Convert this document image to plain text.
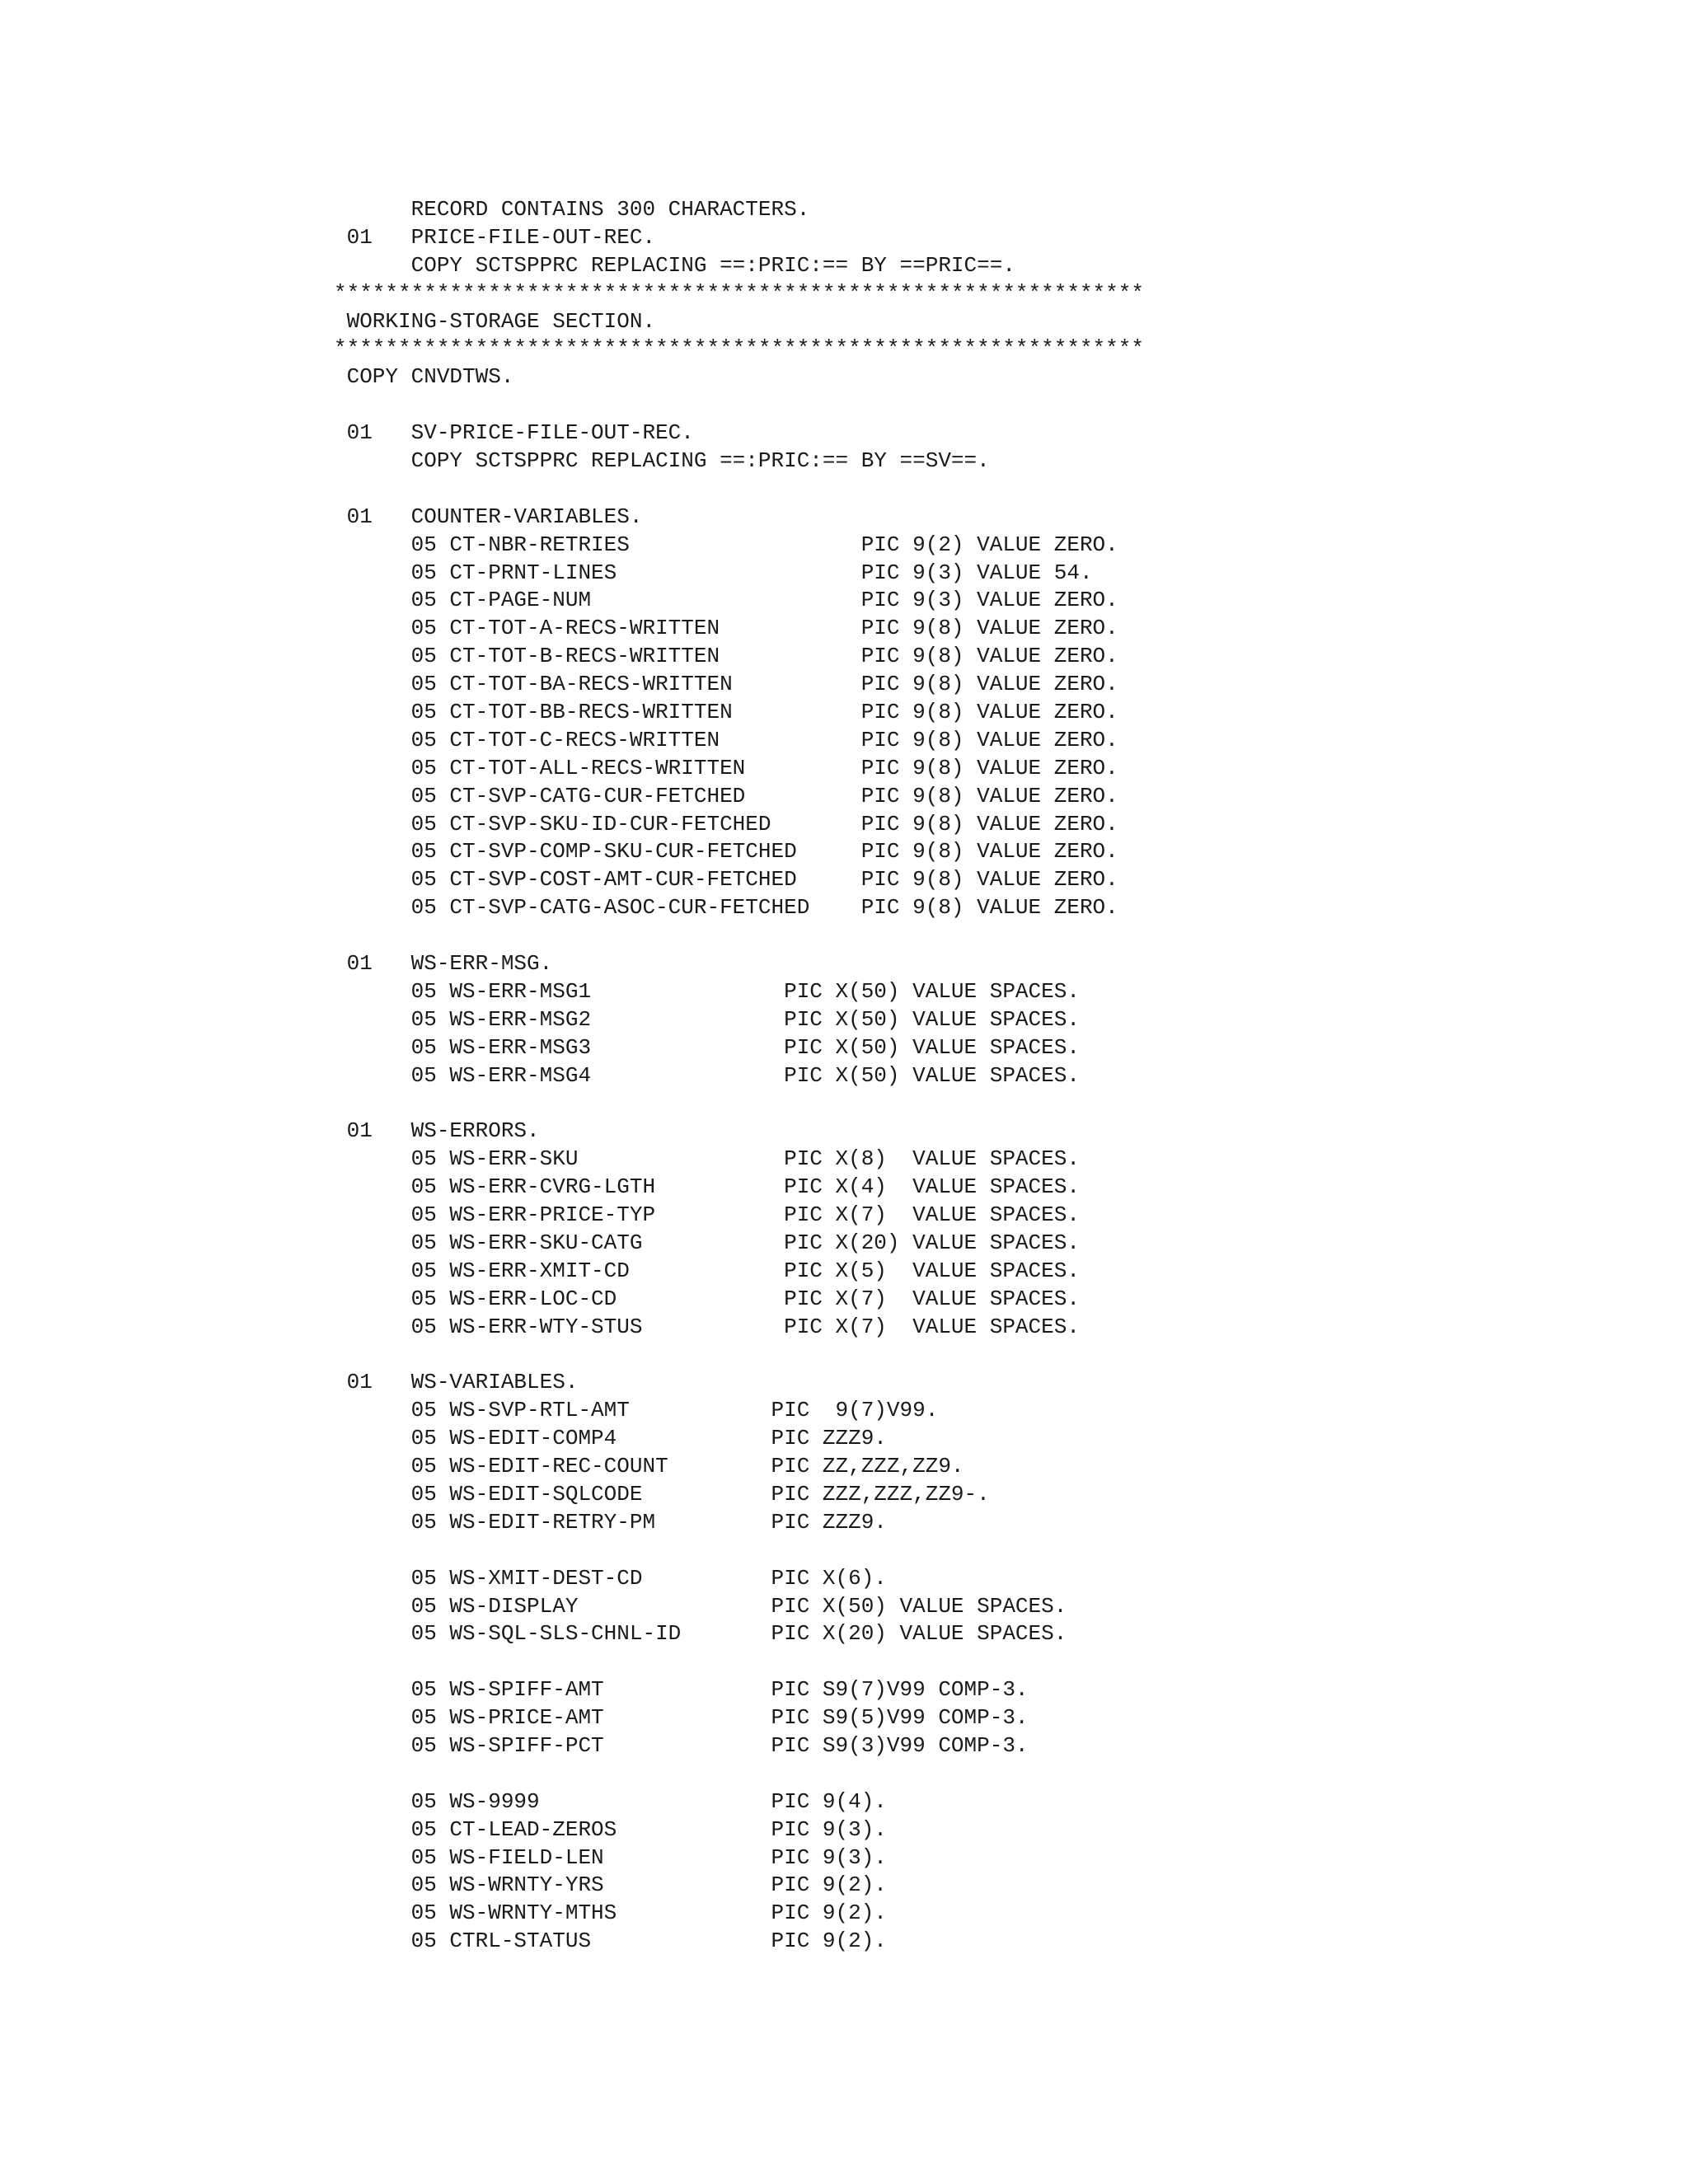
RECORD CONTAINS 300 CHARACTERS.
01   PRICE-FILE-OUT-REC.
COPY SCTSPPRC REPLACING ==:PRIC:== BY ==PRIC==.
***************************************************************
WORKING-STORAGE SECTION.
***************************************************************
COPY CNVDTWS.
01   SV-PRICE-FILE-OUT-REC.
COPY SCTSPPRC REPLACING ==:PRIC:== BY ==SV==.
01   COUNTER-VARIABLES.
05 CT-NBR-RETRIES                  PIC 9(2) VALUE ZERO.
05 CT-PRNT-LINES                   PIC 9(3) VALUE 54.
05 CT-PAGE-NUM                     PIC 9(3) VALUE ZERO.
05 CT-TOT-A-RECS-WRITTEN           PIC 9(8) VALUE ZERO.
05 CT-TOT-B-RECS-WRITTEN           PIC 9(8) VALUE ZERO.
05 CT-TOT-BA-RECS-WRITTEN          PIC 9(8) VALUE ZERO.
05 CT-TOT-BB-RECS-WRITTEN          PIC 9(8) VALUE ZERO.
05 CT-TOT-C-RECS-WRITTEN           PIC 9(8) VALUE ZERO.
05 CT-TOT-ALL-RECS-WRITTEN         PIC 9(8) VALUE ZERO.
05 CT-SVP-CATG-CUR-FETCHED         PIC 9(8) VALUE ZERO.
05 CT-SVP-SKU-ID-CUR-FETCHED       PIC 9(8) VALUE ZERO.
05 CT-SVP-COMP-SKU-CUR-FETCHED     PIC 9(8) VALUE ZERO.
05 CT-SVP-COST-AMT-CUR-FETCHED     PIC 9(8) VALUE ZERO.
05 CT-SVP-CATG-ASOC-CUR-FETCHED    PIC 9(8) VALUE ZERO.
01   WS-ERR-MSG.
05 WS-ERR-MSG1               PIC X(50) VALUE SPACES.
05 WS-ERR-MSG2               PIC X(50) VALUE SPACES.
05 WS-ERR-MSG3               PIC X(50) VALUE SPACES.
05 WS-ERR-MSG4               PIC X(50) VALUE SPACES.
01   WS-ERRORS.
05 WS-ERR-SKU                PIC X(8)  VALUE SPACES.
05 WS-ERR-CVRG-LGTH          PIC X(4)  VALUE SPACES.
05 WS-ERR-PRICE-TYP          PIC X(7)  VALUE SPACES.
05 WS-ERR-SKU-CATG           PIC X(20) VALUE SPACES.
05 WS-ERR-XMIT-CD            PIC X(5)  VALUE SPACES.
05 WS-ERR-LOC-CD             PIC X(7)  VALUE SPACES.
05 WS-ERR-WTY-STUS           PIC X(7)  VALUE SPACES.
01   WS-VARIABLES.
05 WS-SVP-RTL-AMT           PIC  9(7)V99.
05 WS-EDIT-COMP4            PIC ZZZ9.
05 WS-EDIT-REC-COUNT        PIC ZZ,ZZZ,ZZ9.
05 WS-EDIT-SQLCODE          PIC ZZZ,ZZZ,ZZ9-.
05 WS-EDIT-RETRY-PM         PIC ZZZ9.
05 WS-XMIT-DEST-CD          PIC X(6).
05 WS-DISPLAY               PIC X(50) VALUE SPACES.
05 WS-SQL-SLS-CHNL-ID       PIC X(20) VALUE SPACES.
05 WS-SPIFF-AMT             PIC S9(7)V99 COMP-3.
05 WS-PRICE-AMT             PIC S9(5)V99 COMP-3.
05 WS-SPIFF-PCT             PIC S9(3)V99 COMP-3.
05 WS-9999                  PIC 9(4).
05 CT-LEAD-ZEROS            PIC 9(3).
05 WS-FIELD-LEN             PIC 9(3).
05 WS-WRNTY-YRS             PIC 9(2).
05 WS-WRNTY-MTHS            PIC 9(2).
05 CTRL-STATUS              PIC 9(2).
